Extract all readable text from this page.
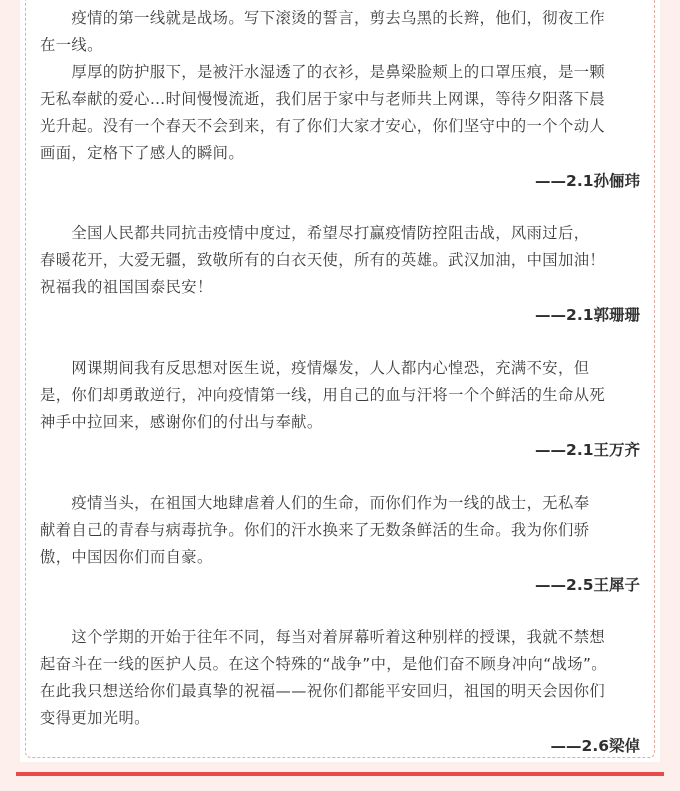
　　疫情的第一线就是战场。写下滚烫的誓言，剪去乌黑的长辫，他们，彻夜工作
在一线。
　　厚厚的防护服下，是被汗水湿透了的衣衫，是鼻梁脸颊上的口罩压痕，是一颗
无私奉献的爱心…时间慢慢流逝，我们居于家中与老师共上网课，等待夕阳落下晨
光升起。没有一个春天不会到来，有了你们大家才安心，你们坚守中的一个个动人
画面，定格下了感人的瞬间。

——2.1孙俪玮

　　全国人民都共同抗击疫情中度过，希望尽打赢疫情防控阻击战，风雨过后，
春暖花开，大爱无疆，致敬所有的白衣天使，所有的英雄。武汉加油，中国加油！
祝福我的祖国国泰民安！

——2.1郭珊珊

　　网课期间我有反思想对医生说，疫情爆发，人人都内心惶恐，充满不安，但
是，你们却勇敢逆行，冲向疫情第一线，用自己的血与汗将一个个鲜活的生命从死
神手中拉回来，感谢你们的付出与奉献。

——2.1王万齐

　　疫情当头，在祖国大地肆虐着人们的生命，而你们作为一线的战士，无私奉
献着自己的青春与病毒抗争。你们的汗水换来了无数条鲜活的生命。我为你们骄
傲，中国因你们而自豪。

——2.5王犀子

　　这个学期的开始于往年不同，每当对着屏幕听着这种别样的授课，我就不禁想
起奋斗在一线的医护人员。在这个特殊的“战争”中，是他们奋不顾身冲向“战场”。
在此我只想送给你们最真挚的祝福——祝你们都能平安回归，祖国的明天会因你们
变得更加光明。

——2.6梁倬
